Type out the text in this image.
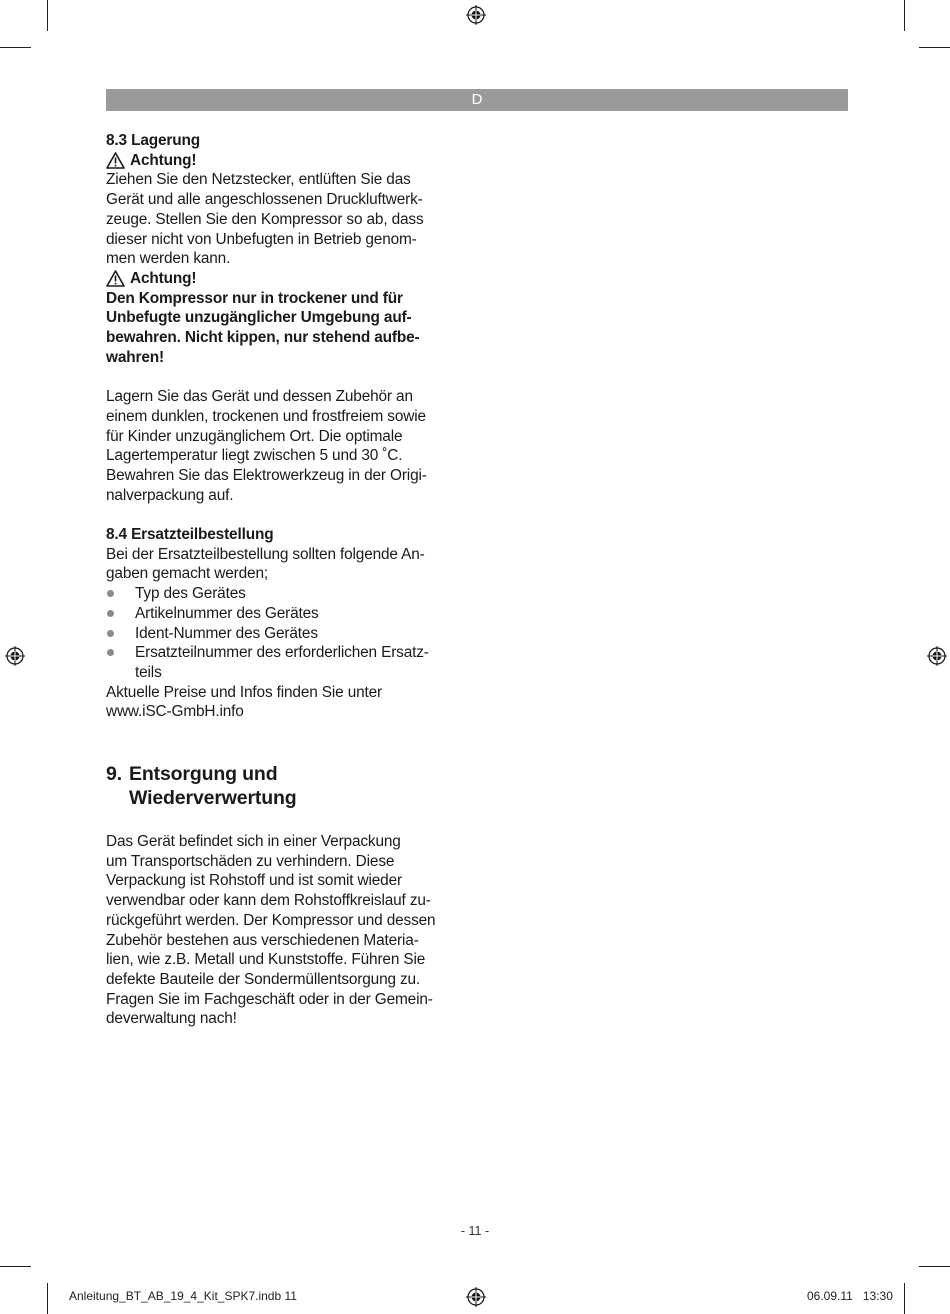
D

8.3 Lagerung

Achtung!

Ziehen Sie den Netzstecker, entlüften Sie das
Gerät und alle angeschlossenen Druckluftwerk-
zeuge. Stellen Sie den Kompressor so ab, dass
dieser nicht von Unbefugten in Betrieb genom-
men werden kann.

Achtung!

Den Kompressor nur in trockener und für
Unbefugte unzugänglicher Umgebung auf-
bewahren. Nicht kippen, nur stehend aufbe-
wahren!

Lagern Sie das Gerät und dessen Zubehör an
einem dunklen, trockenen und frostfreiem sowie
für Kinder unzugänglichem Ort. Die optimale
Lagertemperatur liegt zwischen 5 und 30 ˚C.
Bewahren Sie das Elektrowerkzeug in der Origi-
nalverpackung auf.

8.4 Ersatzteilbestellung

Bei der Ersatzteilbestellung sollten folgende An-
gaben gemacht werden;

Typ des Gerätes
Artikelnummer des Gerätes
Ident-Nummer des Gerätes
Ersatzteilnummer des erforderlichen Ersatz-
teils

Aktuelle Preise und Infos finden Sie unter
www.iSC-GmbH.info

9. Entsorgung und
Wiederverwertung

Das Gerät befindet sich in einer Verpackung
um Transportschäden zu verhindern. Diese
Verpackung ist Rohstoff und ist somit wieder
verwendbar oder kann dem Rohstoffkreislauf zu-
rückgeführt werden. Der Kompressor und dessen
Zubehör bestehen aus verschiedenen Materia-
lien, wie z.B. Metall und Kunststoffe. Führen Sie
defekte Bauteile der Sondermüllentsorgung zu.
Fragen Sie im Fachgeschäft oder in der Gemein-
deverwaltung nach!

- 11 -
Anleitung_BT_AB_19_4_Kit_SPK7.indb 11	06.09.11 13:30
